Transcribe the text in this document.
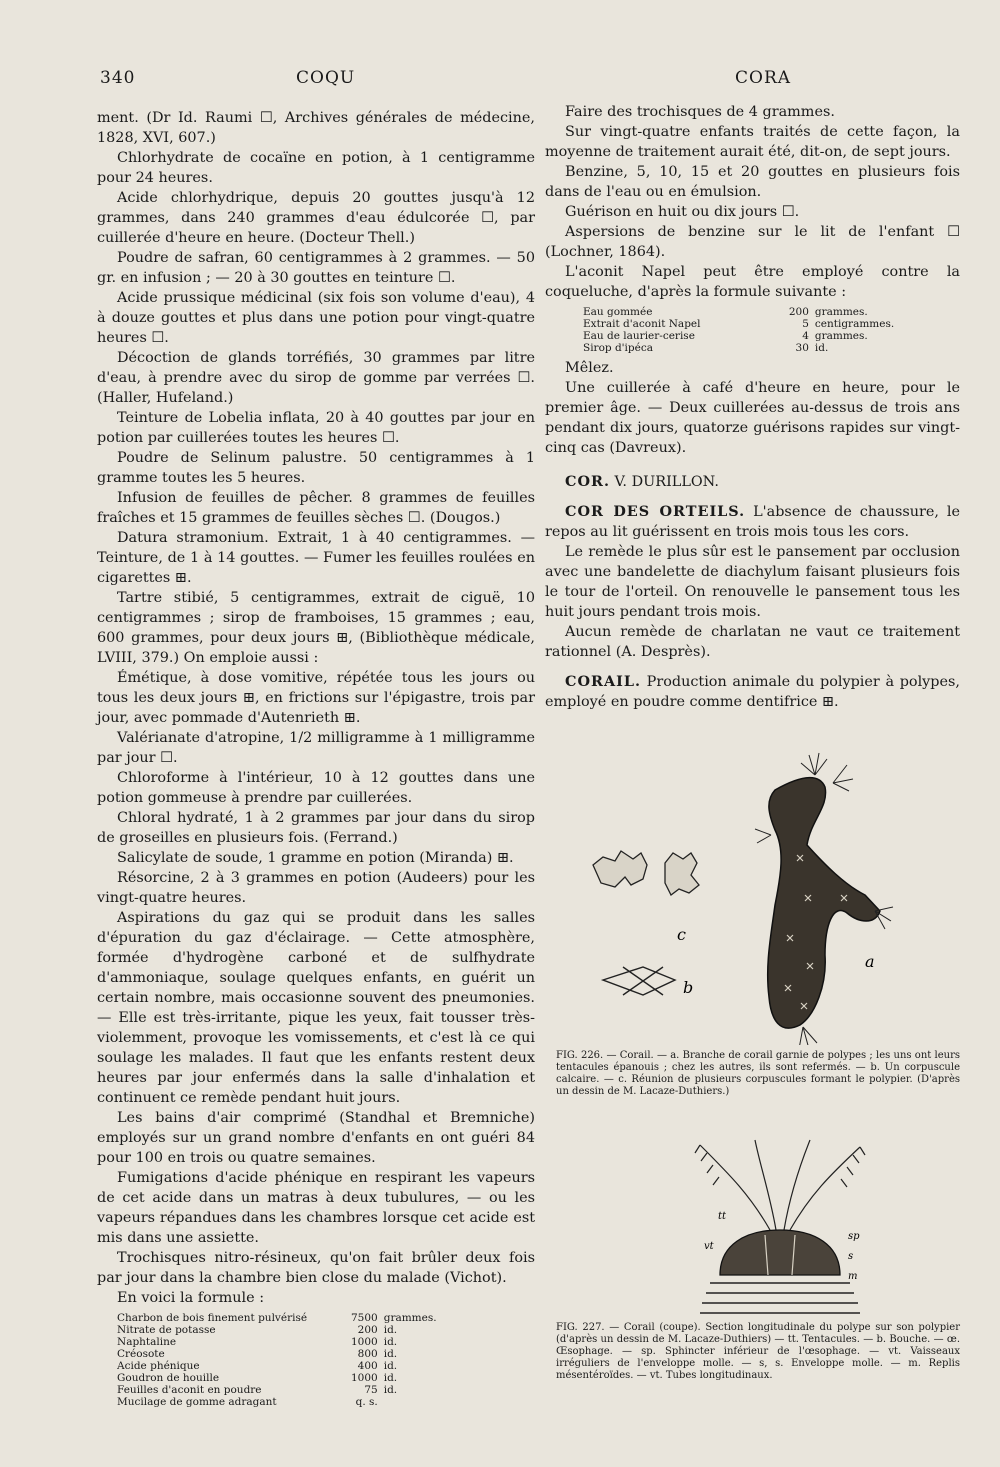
340	COQU	CORA

ment. (Dr Id. Raumi ☐, Archives générales de médecine, 1828, XVI, 607.)

Chlorhydrate de cocaïne en potion, à 1 centigramme pour 24 heures.

Acide chlorhydrique, depuis 20 gouttes jusqu'à 12 grammes, dans 240 grammes d'eau édulcorée ☐, par cuillerée d'heure en heure. (Docteur Thell.)

Poudre de safran, 60 centigrammes à 2 grammes. — 50 gr. en infusion ; — 20 à 30 gouttes en teinture ☐.

Acide prussique médicinal (six fois son volume d'eau), 4 à douze gouttes et plus dans une potion pour vingt-quatre heures ☐.

Décoction de glands torréfiés, 30 grammes par litre d'eau, à prendre avec du sirop de gomme par verrées ☐. (Haller, Hufeland.)

Teinture de Lobelia inflata, 20 à 40 gouttes par jour en potion par cuillerées toutes les heures ☐.

Poudre de Selinum palustre. 50 centigrammes à 1 gramme toutes les 5 heures.

Infusion de feuilles de pêcher. 8 grammes de feuilles fraîches et 15 grammes de feuilles sèches ☐. (Dougos.)

Datura stramonium. Extrait, 1 à 40 centigrammes. — Teinture, de 1 à 14 gouttes. — Fumer les feuilles roulées en cigarettes ⊞.

Tartre stibié, 5 centigrammes, extrait de ciguë, 10 centigrammes ; sirop de framboises, 15 grammes ; eau, 600 grammes, pour deux jours ⊞, (Bibliothèque médicale, LVIII, 379.) On emploie aussi :

Émétique, à dose vomitive, répétée tous les jours ou tous les deux jours ⊞, en frictions sur l'épigastre, trois par jour, avec pommade d'Autenrieth ⊞.

Valérianate d'atropine, 1/2 milligramme à 1 milligramme par jour ☐.

Chloroforme à l'intérieur, 10 à 12 gouttes dans une potion gommeuse à prendre par cuillerées.

Chloral hydraté, 1 à 2 grammes par jour dans du sirop de groseilles en plusieurs fois. (Ferrand.)

Salicylate de soude, 1 gramme en potion (Miranda) ⊞.

Résorcine, 2 à 3 grammes en potion (Audeers) pour les vingt-quatre heures.

Aspirations du gaz qui se produit dans les salles d'épuration du gaz d'éclairage. — Cette atmosphère, formée d'hydrogène carboné et de sulfhydrate d'ammoniaque, soulage quelques enfants, en guérit un certain nombre, mais occasionne souvent des pneumonies. — Elle est très-irritante, pique les yeux, fait tousser très-violemment, provoque les vomissements, et c'est là ce qui soulage les malades. Il faut que les enfants restent deux heures par jour enfermés dans la salle d'inhalation et continuent ce remède pendant huit jours.

Les bains d'air comprimé (Standhal et Bremniche) employés sur un grand nombre d'enfants en ont guéri 84 pour 100 en trois ou quatre semaines.

Fumigations d'acide phénique en respirant les vapeurs de cet acide dans un matras à deux tubulures, — ou les vapeurs répandues dans les chambres lorsque cet acide est mis dans une assiette.

Trochisques nitro-résineux, qu'on fait brûler deux fois par jour dans la chambre bien close du malade (Vichot).

En voici la formule :

Charbon de bois finement pulvérisé	7500	grammes.
Nitrate de potasse	200	id.
Naphtaline	1000	id.
Créosote	800	id.
Acide phénique	400	id.
Goudron de houille	1000	id.
Feuilles d'aconit en poudre	75	id.
Mucilage de gomme adragant	q. s.	

Faire des trochisques de 4 grammes.

Sur vingt-quatre enfants traités de cette façon, la moyenne de traitement aurait été, dit-on, de sept jours.

Benzine, 5, 10, 15 et 20 gouttes en plusieurs fois dans de l'eau ou en émulsion.

Guérison en huit ou dix jours ☐.

Aspersions de benzine sur le lit de l'enfant ☐ (Lochner, 1864).

L'aconit Napel peut être employé contre la coqueluche, d'après la formule suivante :

Eau gommée	200	grammes.
Extrait d'aconit Napel	5	centigrammes.
Eau de laurier-cerise	4	grammes.
Sirop d'ipéca	30	id.

Mêlez.

Une cuillerée à café d'heure en heure, pour le premier âge. — Deux cuillerées au-dessus de trois ans pendant dix jours, quatorze guérisons rapides sur vingt-cinq cas (Davreux).

COR. V. DURILLON.

COR DES ORTEILS. L'absence de chaussure, le repos au lit guérissent en trois mois tous les cors.

Le remède le plus sûr est le pansement par occlusion avec une bandelette de diachylum faisant plusieurs fois le tour de l'orteil. On renouvelle le pansement tous les huit jours pendant trois mois.

Aucun remède de charlatan ne vaut ce traitement rationnel (A. Desprès).

CORAIL. Production animale du polypier à polypes, employé en poudre comme dentifrice ⊞.

c
b
a
FIG. 226. — Corail. — a. Branche de corail garnie de polypes ; les uns ont leurs tentacules épanouis ; chez les autres, ils sont refermés. — b. Un corpuscule calcaire. — c. Réunion de plusieurs corpuscules formant le polypier. (D'après un dessin de M. Lacaze-Duthiers.)
tt
vt
s
sp
m
FIG. 227. — Corail (coupe). Section longitudinale du polype sur son polypier (d'après un dessin de M. Lacaze-Duthiers) — tt. Tentacules. — b. Bouche. — œ. Œsophage. — sp. Sphincter inférieur de l'œsophage. — vt. Vaisseaux irréguliers de l'enveloppe molle. — s, s. Enveloppe molle. — m. Replis mésentéroïdes. — vt. Tubes longitudinaux.
